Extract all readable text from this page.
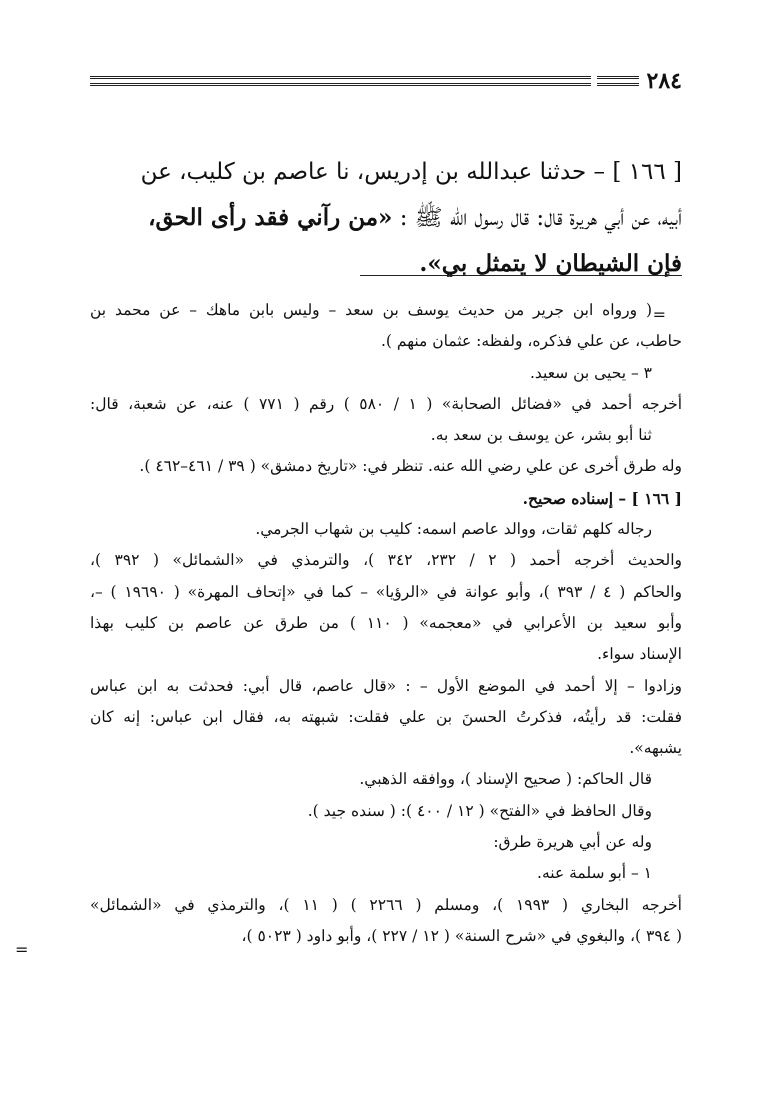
٢٨٤
[ ١٦٦ ] – حدثنا عبدالله بن إدريس، نا عاصم بن كليب، عن
أبيه، عن أبي هريرة قال: قال رسول الله ﷺ : «من رآني فقد رأى الحق،
فإن الشيطان لا يتمثل بي».
=
( ورواه ابن جرير من حديث يوسف بن سعد – وليس بابن ماهك – عن محمد بن
حاطب، عن علي فذكره، ولفظه: عثمان منهم ).
٣ – يحيى بن سعيد.
أخرجه أحمد في «فضائل الصحابة» ( ١ / ٥٨٠ ) رقم ( ٧٧١ ) عنه، عن شعبة، قال:
ثنا أبو بشر، عن يوسف بن سعد به.
وله طرق أخرى عن علي رضي الله عنه. تنظر في: «تاريخ دمشق» ( ٣٩ / ٤٦١–٤٦٢ ).
[ ١٦٦ ] – إسناده صحيح.
رجاله كلهم ثقات، ووالد عاصم اسمه: كليب بن شهاب الجرمي.
والحديث أخرجه أحمد ( ٢ / ٢٣٢، ٣٤٢ )، والترمذي في «الشمائل» ( ٣٩٢ )،
والحاكم ( ٤ / ٣٩٣ )، وأبو عوانة في «الرؤيا» – كما في «إتحاف المهرة» ( ١٩٦٩٠ ) –،
وأبو سعيد بن الأعرابي في «معجمه» ( ١١٠ ) من طرق عن عاصم بن كليب بهذا
الإسناد سواء.
وزادوا – إلا أحمد في الموضع الأول – : «قال عاصم، قال أبي: فحدثت به ابن عباس
فقلت: قد رأيتُه، فذكرتُ الحسنَ بن علي فقلت: شبهته به، فقال ابن عباس: إنه كان
يشبهه».
قال الحاكم: ( صحيح الإسناد )، ووافقه الذهبي.
وقال الحافظ في «الفتح» ( ١٢ / ٤٠٠ ): ( سنده جيد ).
وله عن أبي هريرة طرق:
١ – أبو سلمة عنه.
أخرجه البخاري ( ١٩٩٣ )، ومسلم ( ٢٢٦٦ ) ( ١١ )، والترمذي في «الشمائل»
( ٣٩٤ )، والبغوي في «شرح السنة» ( ١٢ / ٢٢٧ )، وأبو داود ( ٥٠٢٣ )،
=
